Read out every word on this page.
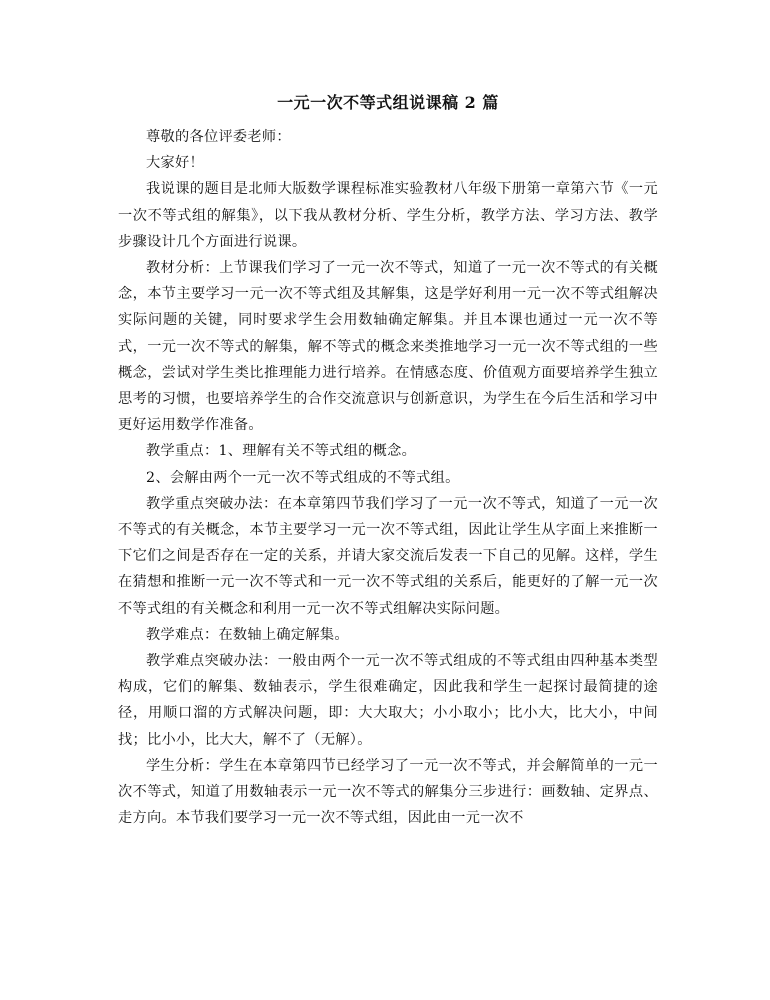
一元一次不等式组说课稿 2 篇

尊敬的各位评委老师：

大家好！

我说课的题目是北师大版数学课程标准实验教材八年级下册第一章第六节《一元一次不等式组的解集》，以下我从教材分析、学生分析，教学方法、学习方法、教学步骤设计几个方面进行说课。

教材分析：上节课我们学习了一元一次不等式，知道了一元一次不等式的有关概念，本节主要学习一元一次不等式组及其解集，这是学好利用一元一次不等式组解决实际问题的关键，同时要求学生会用数轴确定解集。并且本课也通过一元一次不等式，一元一次不等式的解集，解不等式的概念来类推地学习一元一次不等式组的一些概念，尝试对学生类比推理能力进行培养。在情感态度、价值观方面要培养学生独立思考的习惯，也要培养学生的合作交流意识与创新意识，为学生在今后生活和学习中更好运用数学作准备。

教学重点：1、理解有关不等式组的概念。

2、会解由两个一元一次不等式组成的不等式组。

教学重点突破办法：在本章第四节我们学习了一元一次不等式，知道了一元一次不等式的有关概念，本节主要学习一元一次不等式组，因此让学生从字面上来推断一下它们之间是否存在一定的关系，并请大家交流后发表一下自己的见解。这样，学生在猜想和推断一元一次不等式和一元一次不等式组的关系后，能更好的了解一元一次不等式组的有关概念和利用一元一次不等式组解决实际问题。

教学难点：在数轴上确定解集。

教学难点突破办法：一般由两个一元一次不等式组成的不等式组由四种基本类型构成，它们的解集、数轴表示，学生很难确定，因此我和学生一起探讨最简捷的途径，用顺口溜的方式解决问题，即：大大取大；小小取小；比小大，比大小，中间找；比小小，比大大，解不了（无解）。

学生分析：学生在本章第四节已经学习了一元一次不等式，并会解简单的一元一次不等式，知道了用数轴表示一元一次不等式的解集分三步进行：画数轴、定界点、走方向。本节我们要学习一元一次不等式组，因此由一元一次不
